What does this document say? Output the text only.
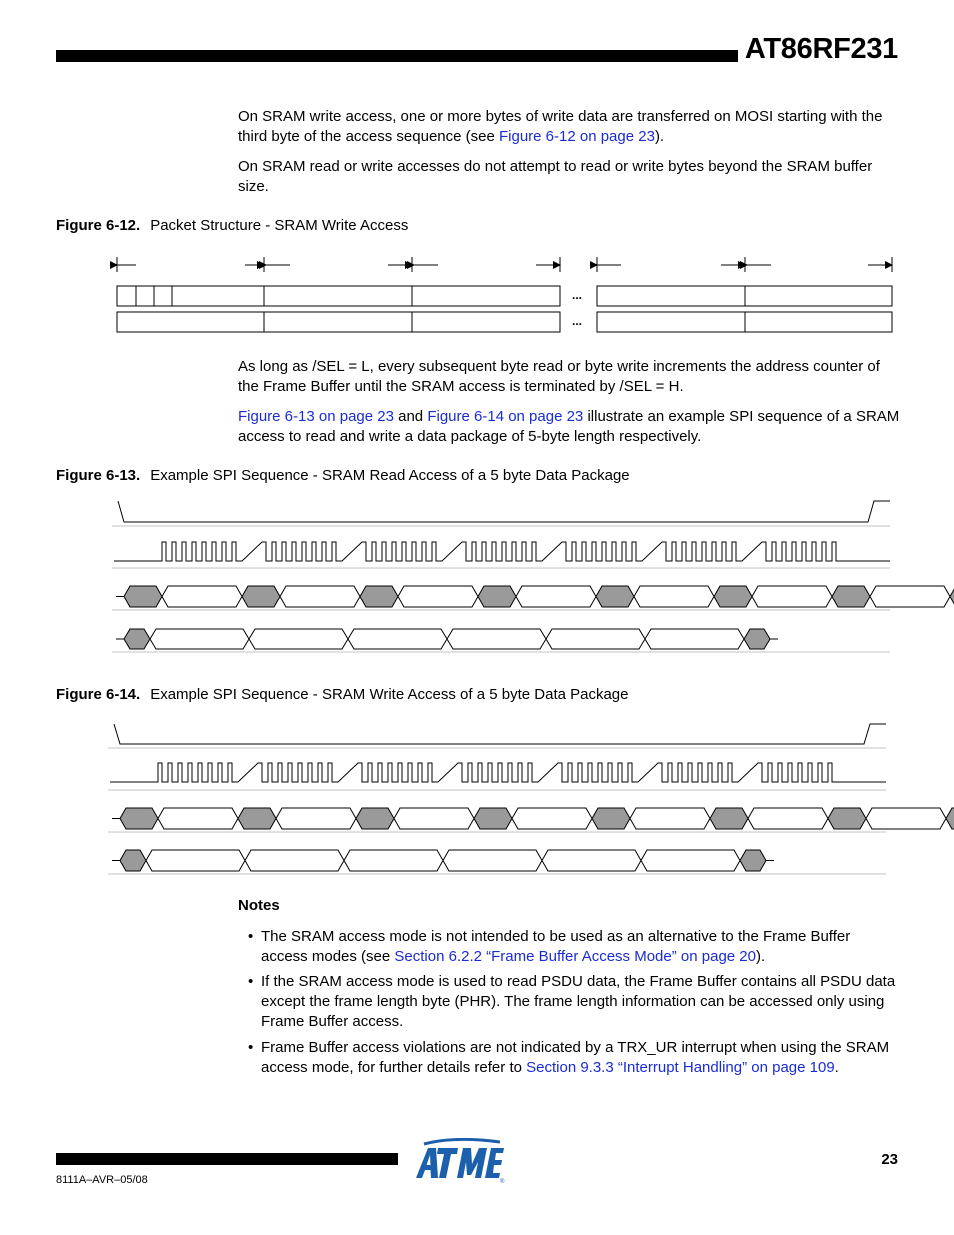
AT86RF231

On SRAM write access, one or more bytes of write data are transferred on MOSI starting with the third byte of the access sequence (see Figure 6-12 on page 23).

On SRAM read or write accesses do not attempt to read or write bytes beyond the SRAM buffer size.

Figure 6-12. Packet Structure - SRAM Write Access
...
...

As long as /SEL = L, every subsequent byte read or byte write increments the address counter of the Frame Buffer until the SRAM access is terminated by /SEL = H.

Figure 6-13 on page 23 and Figure 6-14 on page 23 illustrate an example SPI sequence of a SRAM access to read and write a data package of 5-byte length respectively.

Figure 6-13. Example SPI Sequence - SRAM Read Access of a 5 byte Data Package
Figure 6-14. Example SPI Sequence - SRAM Write Access of a 5 byte Data Package
Notes
• The SRAM access mode is not intended to be used as an alternative to the Frame Buffer access modes (see Section 6.2.2 “Frame Buffer Access Mode” on page 20).
• If the SRAM access mode is used to read PSDU data, the Frame Buffer contains all PSDU data except the frame length byte (PHR). The frame length information can be accessed only using Frame Buffer access.
• Frame Buffer access violations are not indicated by a TRX_UR interrupt when using the SRAM access mode, for further details refer to Section 9.3.3 “Interrupt Handling” on page 109.
®
23
8111A–AVR–05/08
